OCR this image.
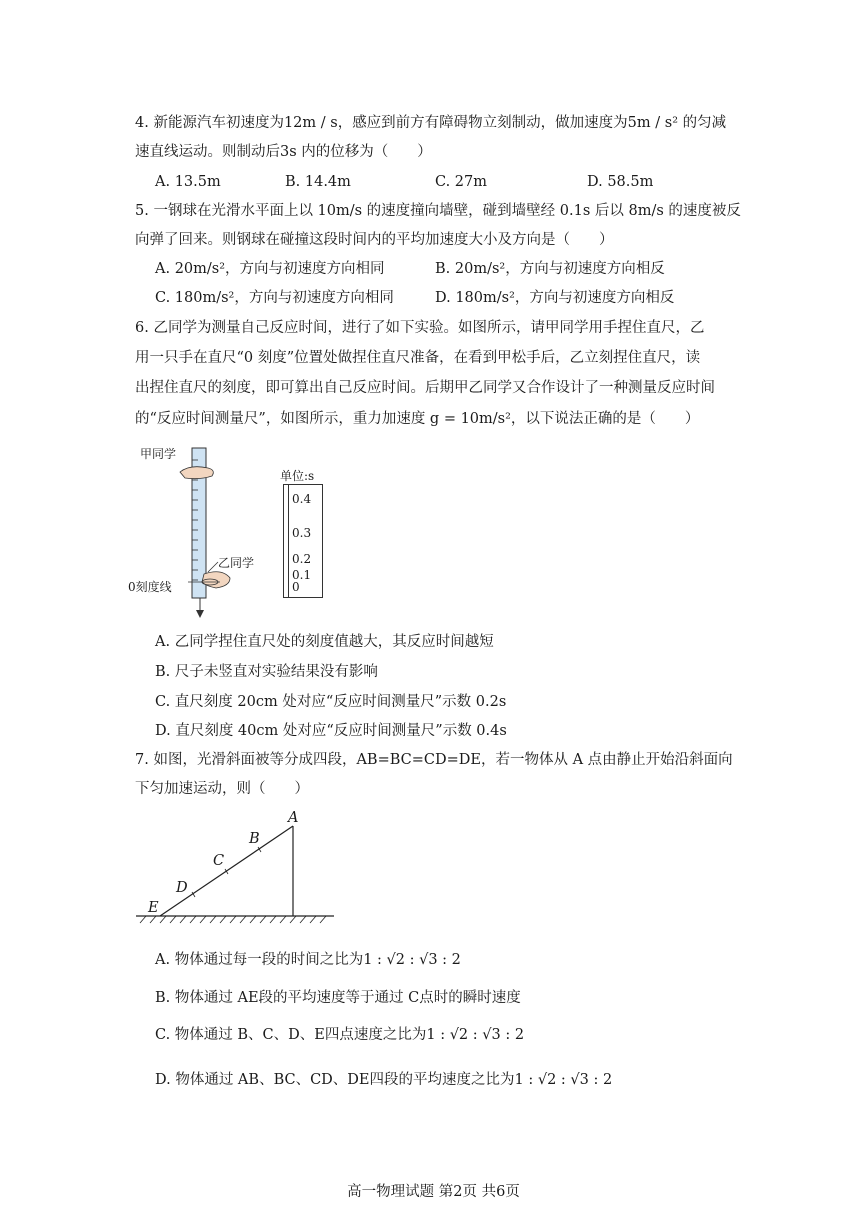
4. 新能源汽车初速度为12m / s，感应到前方有障碍物立刻制动，做加速度为5m / s² 的匀减
速直线运动。则制动后3s 内的位移为（　　）
A. 13.5m	B. 14.4m	C. 27m	D. 58.5m
5. 一钢球在光滑水平面上以 10m/s 的速度撞向墙壁，碰到墙壁经 0.1s 后以 8m/s 的速度被反
向弹了回来。则钢球在碰撞这段时间内的平均加速度大小及方向是（　　）
A. 20m/s²，方向与初速度方向相同	B. 20m/s²，方向与初速度方向相反
C. 180m/s²，方向与初速度方向相同	D. 180m/s²，方向与初速度方向相反
6. 乙同学为测量自己反应时间，进行了如下实验。如图所示，请甲同学用手捏住直尺，乙
用一只手在直尺“0 刻度”位置处做捏住直尺准备，在看到甲松手后，乙立刻捏住直尺，读
出捏住直尺的刻度，即可算出自己反应时间。后期甲乙同学又合作设计了一种测量反应时间
的“反应时间测量尺”，如图所示，重力加速度 g = 10m/s²，以下说法正确的是（　　）
甲同学
乙同学
0刻度线
单位:s
0.4
0.3
0.2
0.1
0
A. 乙同学捏住直尺处的刻度值越大，其反应时间越短
B. 尺子未竖直对实验结果没有影响
C. 直尺刻度 20cm 处对应“反应时间测量尺”示数 0.2s
D. 直尺刻度 40cm 处对应“反应时间测量尺”示数 0.4s
7. 如图，光滑斜面被等分成四段，AB=BC=CD=DE，若一物体从 A 点由静止开始沿斜面向
下匀加速运动，则（　　）
A
B
C
D
E
A. 物体通过每一段的时间之比为1 : √2 : √3 : 2
B. 物体通过 AE段的平均速度等于通过 C点时的瞬时速度
C. 物体通过 B、C、D、E四点速度之比为1 : √2 : √3 : 2
D. 物体通过 AB、BC、CD、DE四段的平均速度之比为1 : √2 : √3 : 2
高一物理试题 第2页 共6页
